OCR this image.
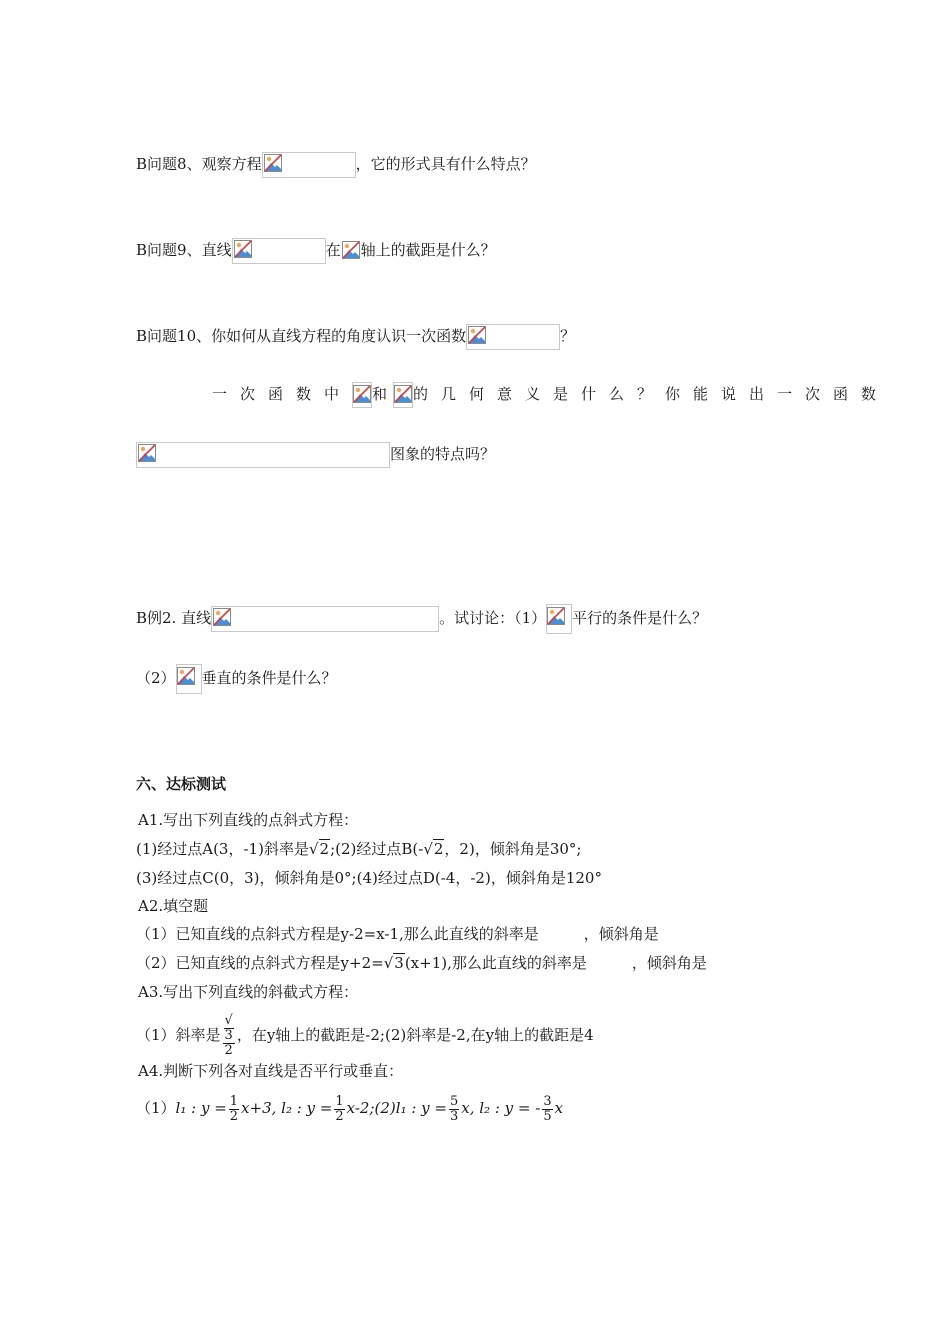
B问题8、观察方程	，它的形式具有什么特点？
B问题9、直线	在 轴上的截距是什么？
B问题10、你如何从直线方程的角度认识一次函数	？
一次函数中 和 的几何意义是什么？你能说出一次函数
图象的特点吗？
B例2. 直线	。试讨论：（1） 平行的条件是什么？
（2） 垂直的条件是什么？
六、达标测试
A1.写出下列直线的点斜式方程：
(1)经过点A(3，-1)斜率是√2;(2)经过点B(-√2，2)，倾斜角是30°;
(3)经过点C(0，3)，倾斜角是0°;(4)经过点D(-4，-2)，倾斜角是120°
A2.填空题
（1）已知直线的点斜式方程是y-2=x-1,那么此直线的斜率是　　　，倾斜角是
（2）已知直线的点斜式方程是y+2=√3(x+1),那么此直线的斜率是　　　，倾斜角是
A3.写出下列直线的斜截式方程：
（1）斜率是 √
3
2 ，在y轴上的截距是-2;(2)斜率是-2,在y轴上的截距是4
A4.判断下列各对直线是否平行或垂直：
（1）l₁ : $y = \frac{1}{2} x+3$, l₂ : $y = \frac{1}{2}$ x-2;(2)l₁ : $y = \frac{5}{3} x$, l₂ : y = - $\frac{3}{5}$ x
